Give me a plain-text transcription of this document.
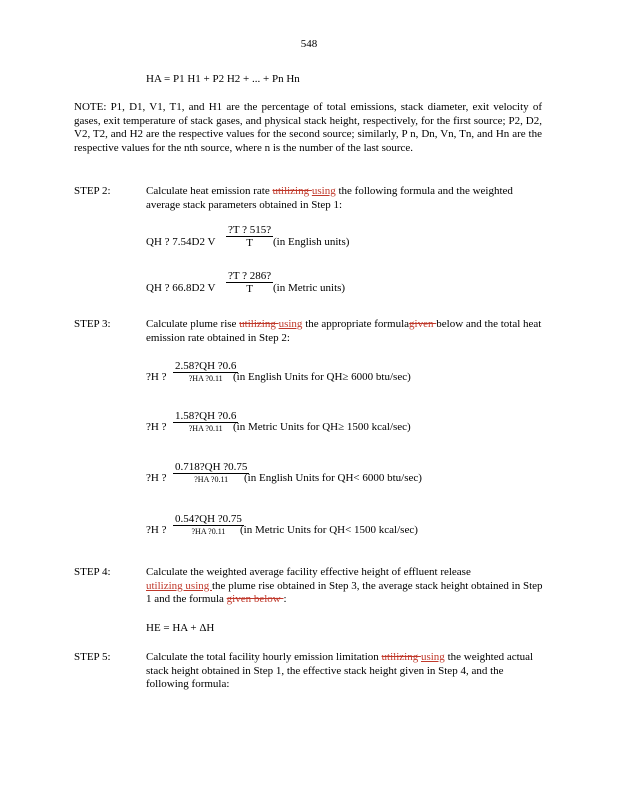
548
HA = P1 H1 + P2 H2 + ... + Pn Hn
NOTE: P1, D1, V1, T1, and H1 are the percentage of total emissions, stack diameter, exit velocity of gases, exit temperature of stack gases, and physical stack height, respectively, for the first source; P2, D2, V2, T2, and H2 are the respective values for the second source; similarly, P n, Dn, Vn, Tn, and Hn are the respective values for the nth source, where n is the number of the last source.
STEP 2:	Calculate heat emission rate utilizing using the following formula and the weighted average stack parameters obtained in Step 1:
QH ? 7.54D2 V
?T ? 515?
T	(in English units)
QH ? 66.8D2 V
?T ? 286?
T	(in Metric units)
STEP 3:	Calculate plume rise utilizing using the appropriate formulagiven below and the total heat emission rate obtained in Step 2:
?H ?
2.58?QH ?0.6
?HA ?0.11 (in English Units for QH≥ 6000 btu/sec)
?H ?
1.58?QH ?0.6
?HA ?0.11 (in Metric Units for QH≥ 1500 kcal/sec)
?H ?
0.718?QH ?0.75
?HA ?0.11	(in English Units for QH< 6000 btu/sec)
?H ?
0.54?QH ?0.75
?HA ?0.11	(in Metric Units for QH< 1500 kcal/sec)
STEP 4:	Calculate the weighted average facility effective height of effluent release
utilizing using the plume rise obtained in Step 3, the average stack height obtained in Step 1 and the formula given below :
HE = HA + ΔH
STEP 5:	Calculate the total facility hourly emission limitation utilizing using the weighted actual stack height obtained in Step 1, the effective stack height given in Step 4, and the following formula:
